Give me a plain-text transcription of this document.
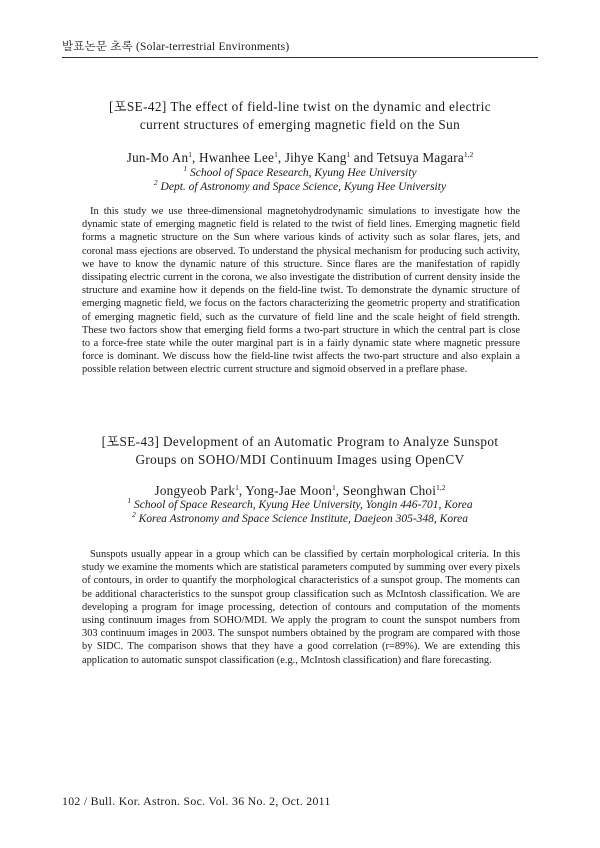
발표논문 초록 (Solar-terrestrial Environments)
[포SE-42] The effect of field-line twist on the dynamic and electric
current structures of emerging magnetic field on the Sun
Jun-Mo An$^1$, Hwanhee Lee$^1$, Jihye Kang$^1$ and Tetsuya Magara$^{1,2}$
$^1$ School of Space Research, Kyung Hee University
$^2$ Dept. of Astronomy and Space Science, Kyung Hee University

In this study we use three-dimensional magnetohydrodynamic simulations to investigate how the dynamic state of emerging magnetic field is related to the twist of field lines. Emerging magnetic field forms a magnetic structure on the Sun where various kinds of activity such as solar flares, jets, and coronal mass ejections are observed. To understand the physical mechanism for producing such activity, we have to know the dynamic nature of this structure. Since flares are the manifestation of rapidly dissipating electric current in the corona, we also investigate the distribution of current density inside the structure and examine how it depends on the field-line twist. To demonstrate the dynamic structure of emerging magnetic field, we focus on the factors characterizing the geometric property and stratification of emerging magnetic field, such as the curvature of field line and the scale height of field strength. These two factors show that emerging field forms a two-part structure in which the central part is close to a force-free state while the outer marginal part is in a fairly dynamic state where magnetic pressure force is dominant. We discuss how the field-line twist affects the two-part structure and also explain a possible relation between electric current structure and sigmoid observed in a preflare phase.

[포SE-43] Development of an Automatic Program to Analyze Sunspot
Groups on SOHO/MDI Continuum Images using OpenCV
Jongyeob Park$^1$, Yong-Jae Moon$^1$, Seonghwan Choi$^{1,2}$
$^1$ School of Space Research, Kyung Hee University, Yongin 446-701, Korea
$^2$ Korea Astronomy and Space Science Institute, Daejeon 305-348, Korea

Sunspots usually appear in a group which can be classified by certain morphological criteria. In this study we examine the moments which are statistical parameters computed by summing over every pixels of contours, in order to quantify the morphological characteristics of a sunspot group. The moments can be additional characteristics to the sunspot group classification such as McIntosh classification. We are developing a program for image processing, detection of contours and computation of the moments using continuum images from SOHO/MDI. We apply the program to count the sunspot numbers from 303 continuum images in 2003. The sunspot numbers obtained by the program are compared with those by SIDC. The comparison shows that they have a good correlation (r=89%). We are extending this application to automatic sunspot classification (e.g., McIntosh classification) and flare forecasting.

102 / Bull. Kor. Astron. Soc. Vol. 36 No. 2, Oct. 2011
